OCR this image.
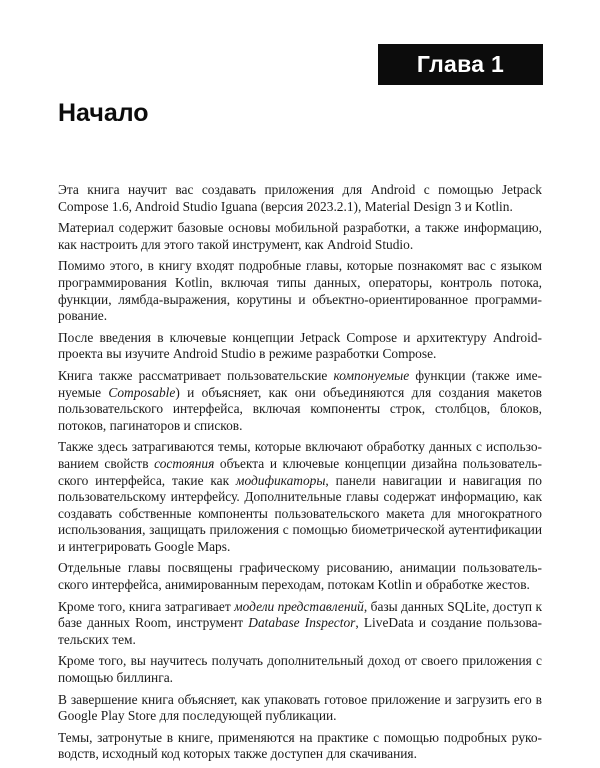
Глава 1
Начало

Эта книга научит вас создавать приложения для Android с помощью Jetpack Compose 1.6, Android Studio Iguana (версия 2023.2.1), Material Design 3 и Kotlin.

Материал содержит базовые основы мобильной разработки, а также информацию, как настроить для этого такой инструмент, как Android Studio.

Помимо этого, в книгу входят подробные главы, которые познакомят вас с языком программирования Kotlin, включая типы данных, операторы, контроль потока, функции, лямбда-выражения, корутины и объектно-ориентированное программирование.

После введения в ключевые концепции Jetpack Compose и архитектуру Android-проекта вы изучите Android Studio в режиме разработки Compose.

Книга также рассматривает пользовательские компонуемые функции (также именуемые Composable) и объясняет, как они объединяются для создания макетов пользовательского интерфейса, включая компоненты строк, столбцов, блоков, потоков, пагинаторов и списков.

Также здесь затрагиваются темы, которые включают обработку данных с использованием свойств состояния объекта и ключевые концепции дизайна пользовательского интерфейса, такие как модификаторы, панели навигации и навигация по пользовательскому интерфейсу. Дополнительные главы содержат информацию, как создавать собственные компоненты пользовательского макета для многократного использования, защищать приложения с помощью биометрической аутентификации и интегрировать Google Maps.

Отдельные главы посвящены графическому рисованию, анимации пользовательского интерфейса, анимированным переходам, потокам Kotlin и обработке жестов.

Кроме того, книга затрагивает модели представлений, базы данных SQLite, доступ к базе данных Room, инструмент Database Inspector, LiveData и создание пользовательских тем.

Кроме того, вы научитесь получать дополнительный доход от своего приложения с помощью биллинга.

В завершение книга объясняет, как упаковать готовое приложение и загрузить его в Google Play Store для последующей публикации.

Темы, затронутые в книге, применяются на практике с помощью подробных руководств, исходный код которых также доступен для скачивания.
